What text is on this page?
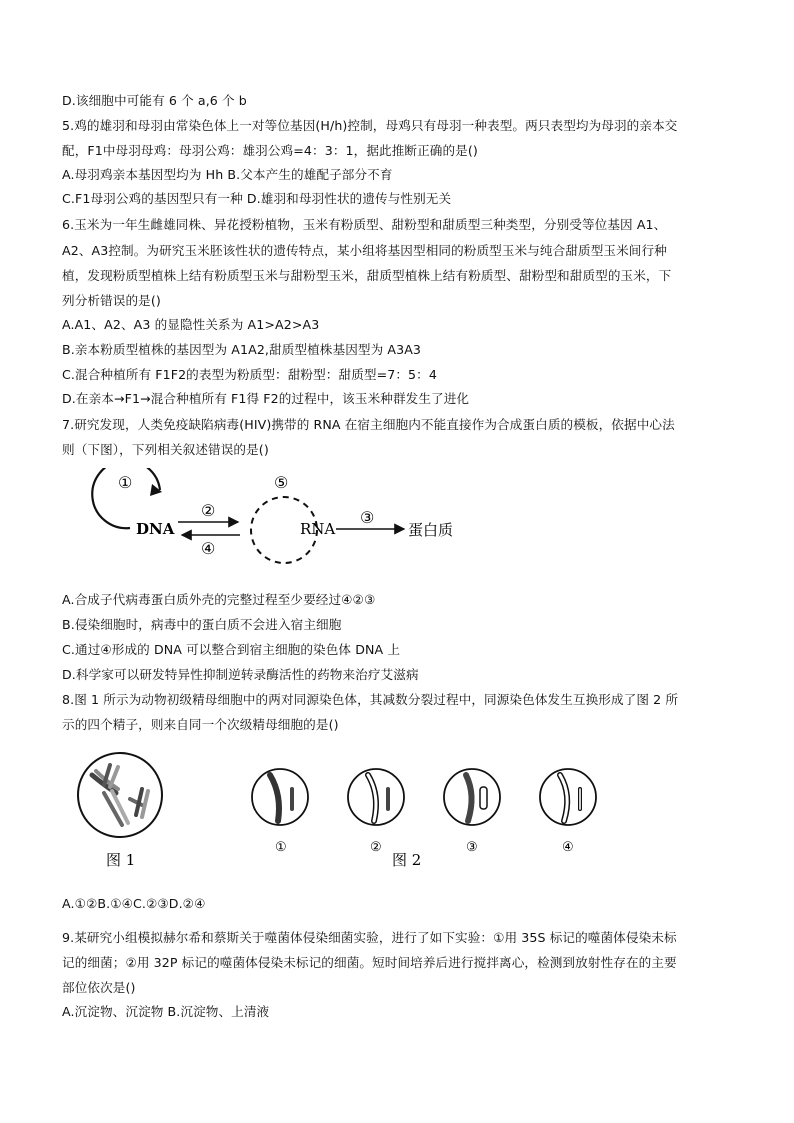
D.该细胞中可能有 6 个 a,6 个 b
5.鸡的雄羽和母羽由常染色体上一对等位基因(H/h)控制，母鸡只有母羽一种表型。两只表型均为母羽的亲本交
配，F1中母羽母鸡：母羽公鸡：雄羽公鸡=4：3：1，据此推断正确的是()
A.母羽鸡亲本基因型均为 Hh B.父本产生的雄配子部分不育
C.F1母羽公鸡的基因型只有一种 D.雄羽和母羽性状的遗传与性别无关
6.玉米为一年生雌雄同株、异花授粉植物，玉米有粉质型、甜粉型和甜质型三种类型，分别受等位基因 A1、
A2、A3控制。为研究玉米胚该性状的遗传特点，某小组将基因型相同的粉质型玉米与纯合甜质型玉米间行种
植，发现粉质型植株上结有粉质型玉米与甜粉型玉米，甜质型植株上结有粉质型、甜粉型和甜质型的玉米，下
列分析错误的是()
A.A1、A2、A3 的显隐性关系为 A1>A2>A3
B.亲本粉质型植株的基因型为 A1A2,甜质型植株基因型为 A3A3
C.混合种植所有 F1F2的表型为粉质型：甜粉型：甜质型=7：5：4
D.在亲本→F1→混合种植所有 F1得 F2的过程中，该玉米种群发生了进化
7.研究发现，人类免疫缺陷病毒(HIV)携带的 RNA 在宿主细胞内不能直接作为合成蛋白质的模板，依据中心法
则（下图），下列相关叙述错误的是()
①
DNA
②
④
⑤
RNA
③
蛋白质
A.合成子代病毒蛋白质外壳的完整过程至少要经过④②③
B.侵染细胞时，病毒中的蛋白质不会进入宿主细胞
C.通过④形成的 DNA 可以整合到宿主细胞的染色体 DNA 上
D.科学家可以研发特异性抑制逆转录酶活性的药物来治疗艾滋病
8.图 1 所示为动物初级精母细胞中的两对同源染色体，其减数分裂过程中，同源染色体发生互换形成了图 2 所
示的四个精子，则来自同一个次级精母细胞的是()
图 1
①	②	③	④
图 2
A.①②B.①④C.②③D.②④
9.某研究小组模拟赫尔希和蔡斯关于噬菌体侵染细菌实验，进行了如下实验：①用 35S 标记的噬菌体侵染未标
记的细菌；②用 32P 标记的噬菌体侵染未标记的细菌。短时间培养后进行搅拌离心，检测到放射性存在的主要
部位依次是()
A.沉淀物、沉淀物 B.沉淀物、上清液
